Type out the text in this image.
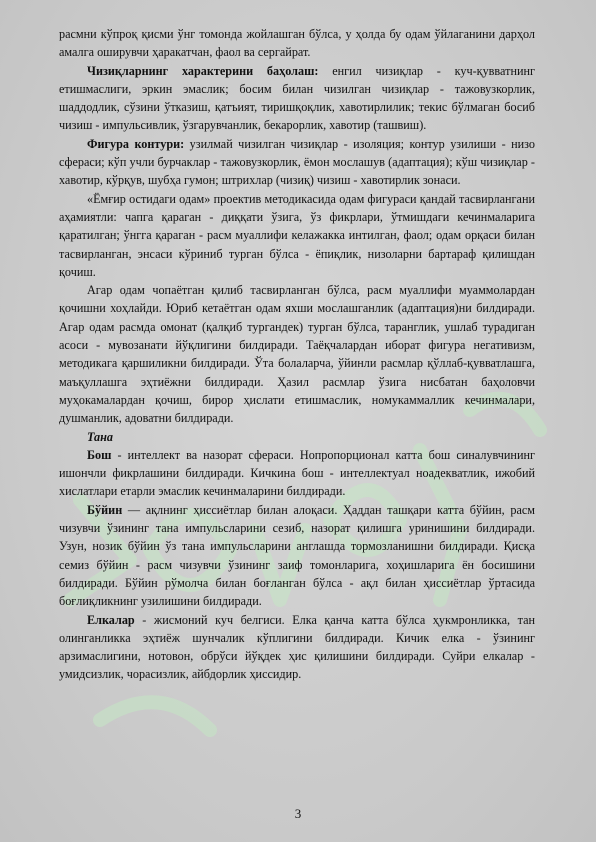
расмни кўпроқ қисми ўнг томонда жойлашган бўлса, у ҳолда бу одам ўйлаганини дарҳол амалга оширувчи ҳаракатчан, фаол ва сергайрат.

Чизиқларнинг характерини баҳолаш: енгил чизиқлар - куч-қувватнинг етишмаслиги, эркин эмаслик; босим билан чизилган чизиқлар - тажовузкорлик, шаддодлик, сўзини ўтказиш, қатъият, тиришқоқлик, хавотирлилик; текис бўлмаган босиб чизиш - импульсивлик, ўзгарувчанлик, бекарорлик, хавотир (ташвиш).

Фигура контури: узилмай чизилган чизиқлар - изоляция; контур узилиши - низо сфераси; кўп учли бурчаклар - тажовузкорлик, ёмон мослашув (адаптация); кўш чизиқлар - хавотир, кўрқув, шубҳа гумон; штрихлар (чизиқ) чизиш - хавотирлик зонаси.

«Ёмғир остидаги одам» проектив методикасида одам фигураси қандай тасвирлангани аҳамиятли: чапга қараган - диққати ўзига, ўз фикрлари, ўтмишдаги кечинмаларига қаратилган; ўнгга қараган - расм муаллифи келажакка интилган, фаол; одам орқаси билан тасвирланган, энсаси кўриниб турган бўлса - ёпиқлик, низоларни бартараф қилишдан қочиш.

Агар одам чопаётган қилиб тасвирланган бўлса, расм муаллифи муаммолардан қочишни хоҳлайди. Юриб кетаётган одам яхши мослашганлик (адаптация)ни билдиради. Агар одам расмда омонат (қалқиб тургандек) турган бўлса, таранглик, ушлаб турадиган асоси - мувозанати йўқлигини билдиради. Таёқчалардан иборат фигура негативизм, методикага қаршиликни билдиради. Ўта болаларча, ўйинли расмлар қўллаб-қувватлашга, маъқуллашга эҳтиёжни билдиради. Ҳазил расмлар ўзига нисбатан баҳоловчи муҳокамалардан қочиш, бирор ҳислати етишмаслик, номукаммаллик кечинмалари, душманлик, адоватни билдиради.

Тана

Бош - интеллект ва назорат сфераси. Нопропорционал катта бош синалувчининг ишончли фикрлашини билдиради. Кичкина бош - интеллектуал ноадекватлик, ижобий хислатлари етарли эмаслик кечинмаларини билдиради.

Бўйин — ақлнинг ҳиссиётлар билан алоқаси. Ҳаддан ташқари катта бўйин, расм чизувчи ўзининг тана импульсларини сезиб, назорат қилишга уринишини билдиради. Узун, нозик бўйин ўз тана импульсларини англашда тормозланишни билдиради. Қисқа семиз бўйин - расм чизувчи ўзининг заиф томонларига, хоҳишларига ён босишини билдиради. Бўйин рўмолча билан боғланган бўлса - ақл билан ҳиссиётлар ўртасида боғлиқликнинг узилишини билдиради.

Елкалар - жисмоний куч белгиси. Елка қанча катта бўлса ҳукмронликка, тан олинганликка эҳтиёж шунчалик кўплигини билдиради. Кичик елка - ўзининг арзимаслигини, нотовон, обрўси йўқдек ҳис қилишини билдиради. Суйри елкалар - умидсизлик, чорасизлик, айбдорлик ҳиссидир.

3
